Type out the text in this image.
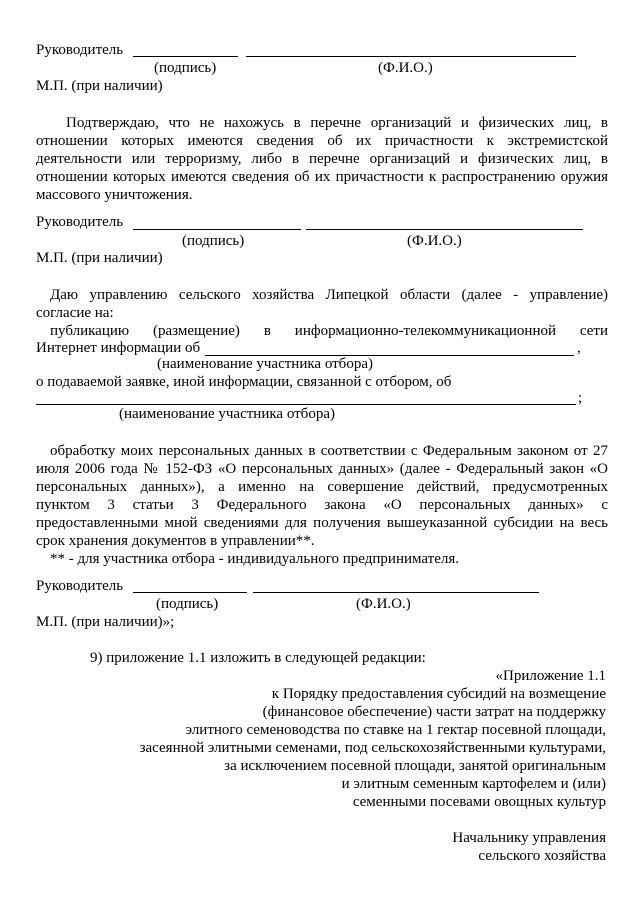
Руководитель
(подпись)	(Ф.И.О.)
М.П. (при наличии)
Подтверждаю, что не нахожусь в перечне организаций и физических лиц, в
отношении которых имеются сведения об их причастности к экстремистской
деятельности или терроризму, либо в перечне организаций и физических лиц, в
отношении которых имеются сведения об их причастности к распространению оружия
массового уничтожения.
Руководитель
(подпись)	(Ф.И.О.)
М.П. (при наличии)
Даю управлению сельского хозяйства Липецкой области (далее - управление)
согласие на:
публикацию (размещение) в информационно-телекоммуникационной сети
Интернет информации об	,
(наименование участника отбора)
о подаваемой заявке, иной информации, связанной с отбором, об
;
(наименование участника отбора)
обработку моих персональных данных в соответствии с Федеральным законом от 27
июля 2006 года № 152-ФЗ «О персональных данных» (далее - Федеральный закон «О
персональных данных»), а именно на совершение действий, предусмотренных
пунктом 3 статьи 3 Федерального закона «О персональных данных» с
предоставленными мной сведениями для получения вышеуказанной субсидии на весь
срок хранения документов в управлении**.
** - для участника отбора - индивидуального предпринимателя.
Руководитель
(подпись)	(Ф.И.О.)
М.П. (при наличии)»;
9) приложение 1.1 изложить в следующей редакции:
«Приложение 1.1
к Порядку предоставления субсидий на возмещение
(финансовое обеспечение) части затрат на поддержку
элитного семеноводства по ставке на 1 гектар посевной площади,
засеянной элитными семенами, под сельскохозяйственными культурами,
за исключением посевной площади, занятой оригинальным
и элитным семенным картофелем и (или)
семенными посевами овощных культур
Начальнику управления
сельского хозяйства
